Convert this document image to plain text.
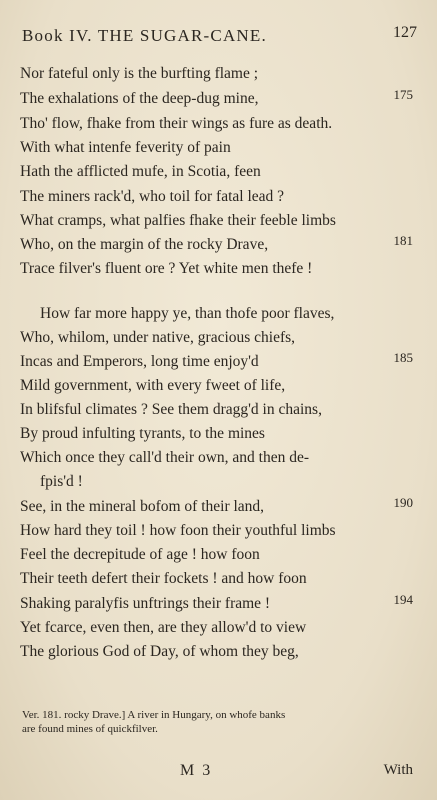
Book IV. THE SUGAR-CANE.	127
Nor fateful only is the burfting flame ;
The exhalations of the deep-dug mine,	175
Tho' flow, fhake from their wings as fure as death.
With what intenfe feverity of pain
Hath the afflicted mufe, in Scotia, feen
The miners rack'd, who toil for fatal lead ?
What cramps, what palfies fhake their feeble limbs
Who, on the margin of the rocky Drave,	181
Trace filver's fluent ore ? Yet white men thefe !
How far more happy ye, than thofe poor flaves,
Who, whilom, under native, gracious chiefs,
Incas and Emperors, long time enjoy'd	185
Mild government, with every fweet of life,
In blifsful climates ? See them dragg'd in chains,
By proud infulting tyrants, to the mines
Which once they call'd their own, and then de-
fpis'd !
See, in the mineral bofom of their land,	190
How hard they toil ! how foon their youthful limbs
Feel the decrepitude of age ! how foon
Their teeth defert their fockets ! and how foon
Shaking paralyfis unftrings their frame !	194
Yet fcarce, even then, are they allow'd to view
The glorious God of Day, of whom they beg,
Ver. 181. rocky Drave.] A river in Hungary, on whofe banks
are found mines of quickfilver.
M 3	With
